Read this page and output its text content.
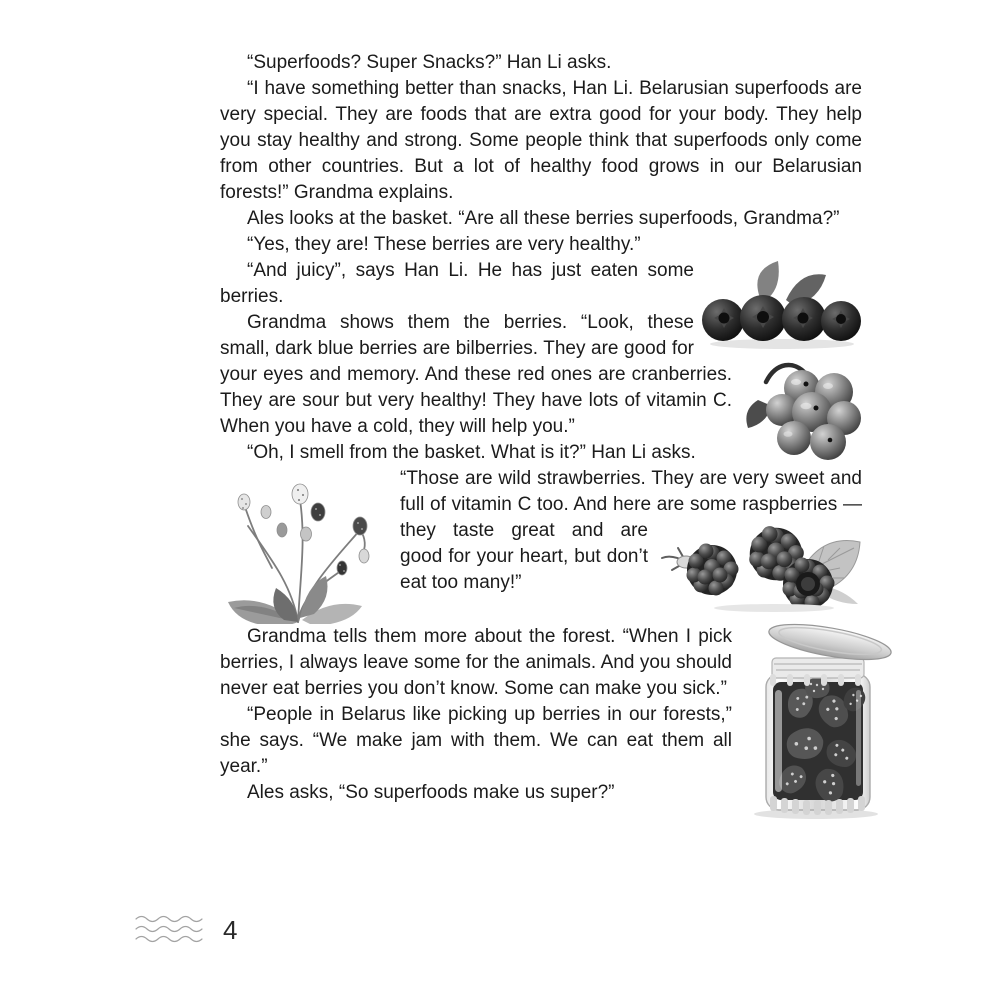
“Superfoods? Super Snacks?” Han Li asks.

“I have something better than snacks, Han Li. Belarusian superfoods are very special. They are foods that are extra good for your body. They help you stay healthy and strong. Some people think that superfoods only come from other countries. But a lot of healthy food grows in our Belarusian forests!” Grandma explains.

Ales looks at the basket. “Are all these berries superfoods, Grandma?”

“Yes, they are! These berries are very healthy.”

“And juicy”, says Han Li. He has just eaten some berries.

Grandma shows them the berries. “Look, these small, dark blue berries are bilberries. They are good for your eyes and memory. And these red ones are cranberries. They are sour but very healthy! They have lots of vitamin C. When you have a cold, they will help you.”

“Oh, I smell from the basket. What is it?” Han Li asks.

“Those are wild strawberries. They are very sweet and full of vitamin C too. And here are some raspberries — they taste great and are good for your heart, but don’t eat too many!”

Grandma tells them more about the forest. “When I pick berries, I always leave some for the animals. And you should never eat berries you don’t know. Some can make you sick.”

“People in Belarus like picking up berries in our forests,” she says. “We make jam with them. We can eat them all year.”

Ales asks, “So superfoods make us super?”

4
